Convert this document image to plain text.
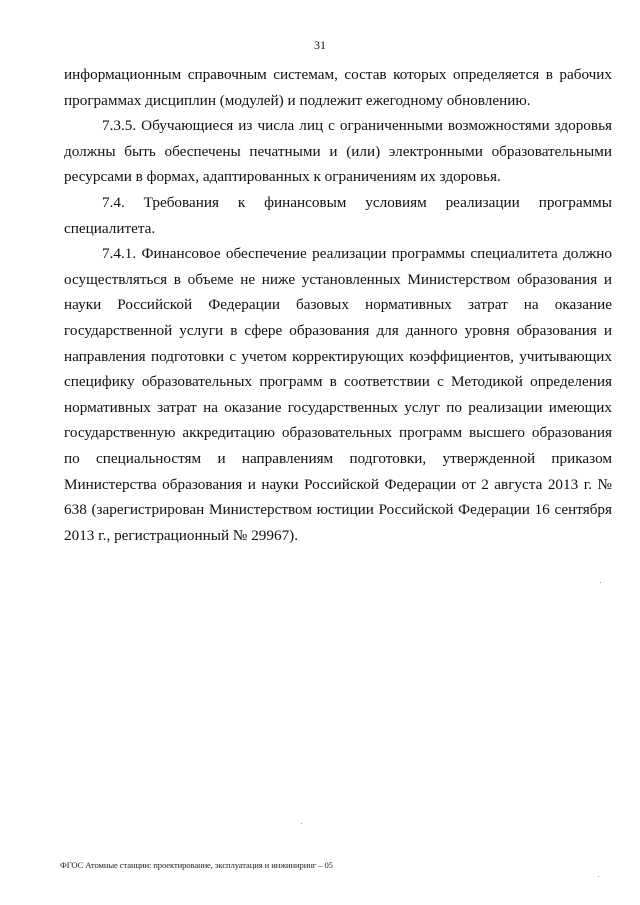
31

информационным справочным системам, состав которых определяется в рабочих программах дисциплин (модулей) и подлежит ежегодному обновлению.

7.3.5. Обучающиеся из числа лиц с ограниченными возможностями здоровья должны быть обеспечены печатными и (или) электронными образовательными ресурсами в формах, адаптированных к ограничениям их здоровья.

7.4. Требования к финансовым условиям реализации программы специалитета.

7.4.1. Финансовое обеспечение реализации программы специалитета должно осуществляться в объеме не ниже установленных Министерством образования и науки Российской Федерации базовых нормативных затрат на оказание государственной услуги в сфере образования для данного уровня образования и направления подготовки с учетом корректирующих коэффициентов, учитывающих специфику образовательных программ в соответствии с Методикой определения нормативных затрат на оказание государственных услуг по реализации имеющих государственную аккредитацию образовательных программ высшего образования по специальностям и направлениям подготовки, утвержденной приказом Министерства образования и науки Российской Федерации от 2 августа 2013 г. № 638 (зарегистрирован Министерством юстиции Российской Федерации 16 сентября 2013 г., регистрационный № 29967).

ФГОС Атомные станции: проектирование, эксплуатация и инжиниринг – 05
